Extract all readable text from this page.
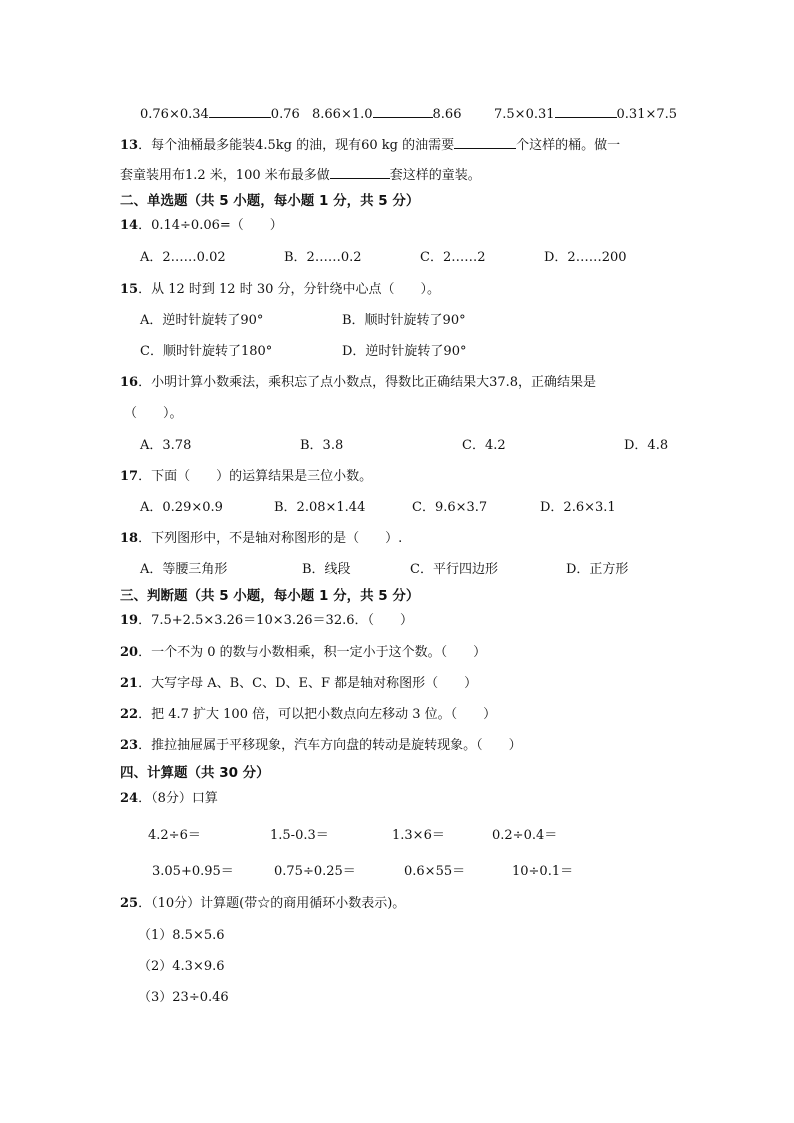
0.76×0.34	0.76 8.66×1.0	8.66	7.5×0.31	0.31×7.5
13．每个油桶最多能装4.5kg 的油，现有60 kg 的油需要	个这样的桶。做一
套童装用布1.2 米，100 米布最多做	套这样的童装。
二、单选题（共 5 小题，每小题 1 分，共 5 分）
14．0.14÷0.06=（　　）
A．2……0.02	B．2……0.2	C．2……2	D．2……200
15．从 12 时到 12 时 30 分，分针绕中心点（　　）。
A．逆时针旋转了90°	B．顺时针旋转了90°
C．顺时针旋转了180°	D．逆时针旋转了90°
16．小明计算小数乘法，乘积忘了点小数点，得数比正确结果大37.8，正确结果是
（　　）。
A．3.78	B．3.8	C．4.2	D．4.8
17．下面（　　）的运算结果是三位小数。
A．0.29×0.9	B．2.08×1.44	C．9.6×3.7	D．2.6×3.1
18．下列图形中，不是轴对称图形的是（　　）.
A．等腰三角形	B．线段	C．平行四边形	D．正方形
三、判断题（共 5 小题，每小题 1 分，共 5 分）
19．7.5+2.5×3.26＝10×3.26＝32.6．（　　）
20．一个不为 0 的数与小数相乘，积一定小于这个数。（　　）
21．大写字母 A、B、C、D、E、F 都是轴对称图形（　　）
22．把 4.7 扩大 100 倍，可以把小数点向左移动 3 位。（　　）
23．推拉抽屉属于平移现象，汽车方向盘的转动是旋转现象。（　　）
四、计算题（共 30 分）
24．（8分）口算
4.2÷6＝	1.5-0.3＝	1.3×6＝	0.2÷0.4＝
3.05+0.95＝	0.75÷0.25＝	0.6×55＝	10÷0.1＝
25．（10分）计算题(带☆的商用循环小数表示)。
（1）8.5×5.6
（2）4.3×9.6
（3）23÷0.46
